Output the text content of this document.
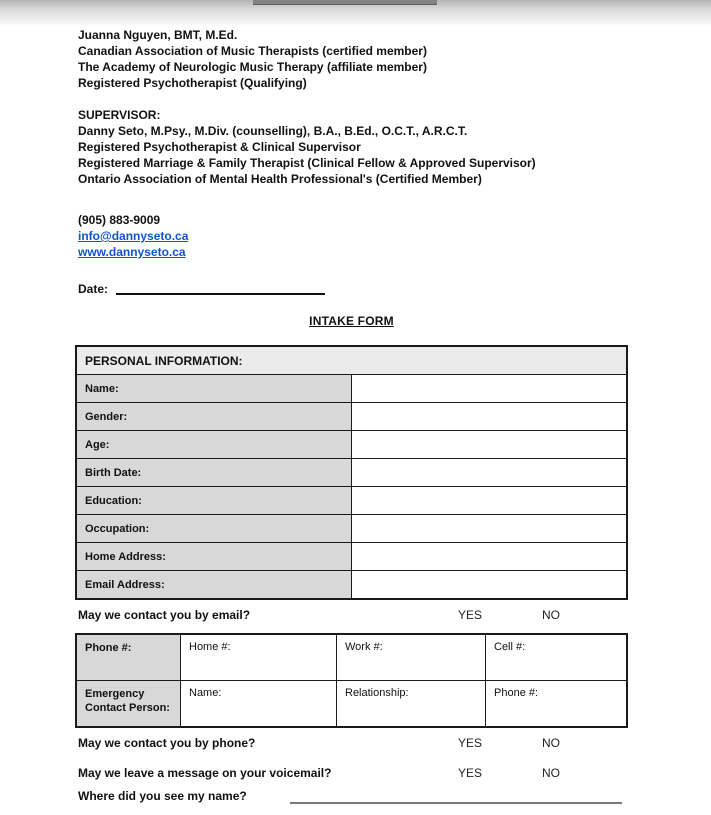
Juanna Nguyen, BMT, M.Ed.
Canadian Association of Music Therapists (certified member)
The Academy of Neurologic Music Therapy (affiliate member)
Registered Psychotherapist (Qualifying)
SUPERVISOR:
Danny Seto, M.Psy., M.Div. (counselling), B.A., B.Ed., O.C.T., A.R.C.T.
Registered Psychotherapist & Clinical Supervisor
Registered Marriage & Family Therapist (Clinical Fellow & Approved Supervisor)
Ontario Association of Mental Health Professional's (Certified Member)
(905) 883-9009
info@dannyseto.ca
www.dannyseto.ca
Date:
INTAKE FORM
PERSONAL INFORMATION:	
Name:	
Gender:	
Age:	
Birth Date:	
Education:	
Occupation:	
Home Address:	
Email Address:	
May we contact you by email?	YES	NO
Phone #:	Home #:	Work #:	Cell #:
Emergency Contact Person:	Name:	Relationship:	Phone #:
May we contact you by phone?	YES	NO
May we leave a message on your voicemail?	YES	NO
Where did you see my name?
